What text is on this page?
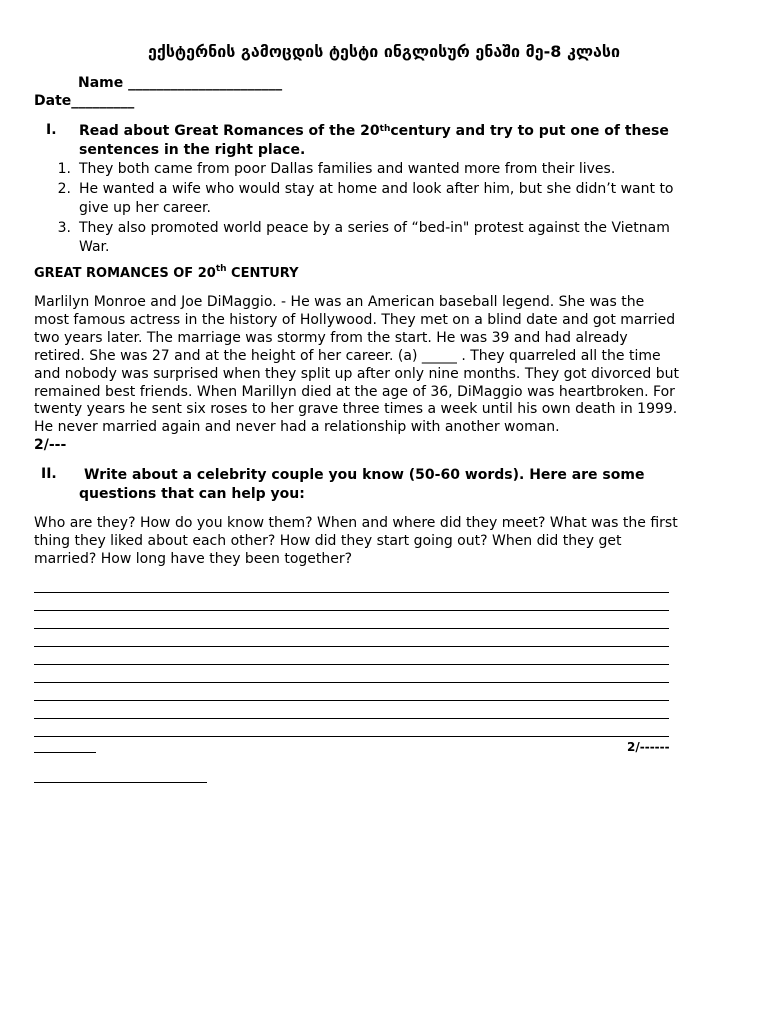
ექსტერნის გამოცდის ტესტი ინგლისურ ენაში მე-8 კლასი
Name ______________________
Date_________
I. Read about Great Romances of the 20thcentury and try to put one of these sentences in the right place.
1. They both came from poor Dallas families and wanted more from their lives.
2. He wanted a wife who would stay at home and look after him, but she didn’t want to give up her career.
3. They also promoted world peace by a series of “bed-in" protest against the Vietnam War.
GREAT ROMANCES OF 20th CENTURY
Marlilyn Monroe and Joe DiMaggio. - He was an American baseball legend. She was the most famous actress in the history of Hollywood. They met on a blind date and got married two years later. The marriage was stormy from the start. He was 39 and had already retired. She was 27 and at the height of her career. (a) _____ . They quarreled all the time and nobody was surprised when they split up after only nine months. They got divorced but remained best friends. When Marillyn died at the age of 36, DiMaggio was heartbroken. For twenty years he sent six roses to her grave three times a week until his own death in 1999. He never married again and never had a relationship with another woman.
2/---
II.	Write about a celebrity couple you know (50-60 words). Here are some questions that can help you:
Who are they? How do you know them? When and where did they meet? What was the first thing they liked about each other? How did they start going out? When did they get married? How long have they been together?
2/------
